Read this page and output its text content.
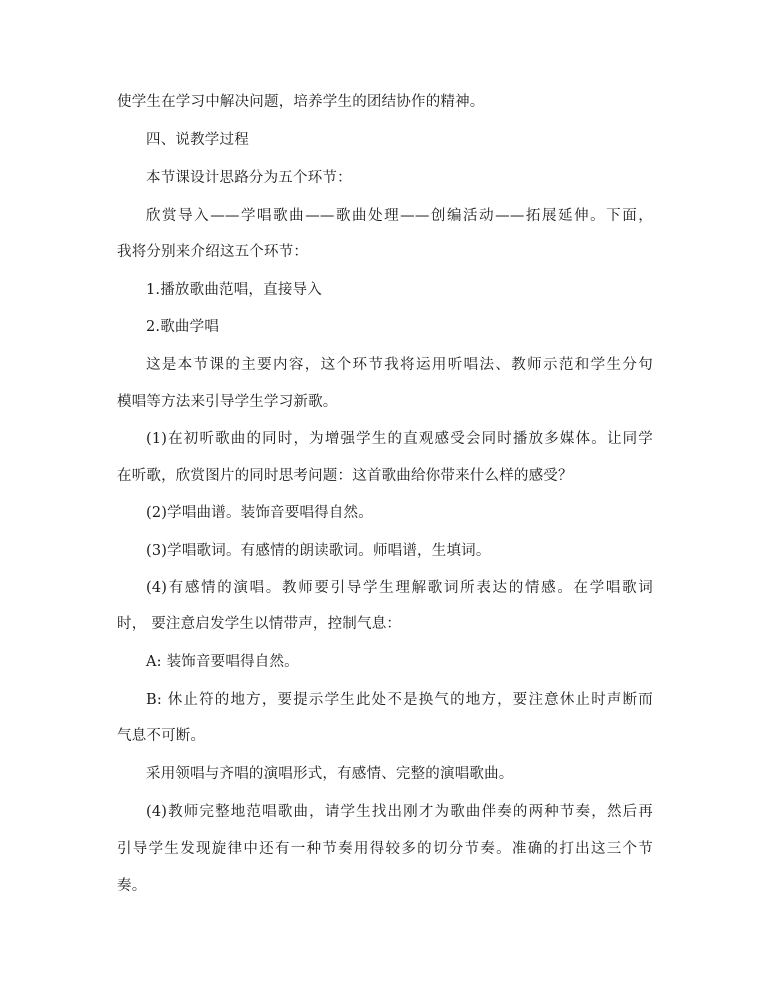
使学生在学习中解决问题，培养学生的团结协作的精神。
四、说教学过程
本节课设计思路分为五个环节：
欣赏导入——学唱歌曲——歌曲处理——创编活动——拓展延伸。下面，
我将分别来介绍这五个环节：
1.播放歌曲范唱，直接导入
2.歌曲学唱
这是本节课的主要内容，这个环节我将运用听唱法、教师示范和学生分句
模唱等方法来引导学生学习新歌。
(1)在初听歌曲的同时，为增强学生的直观感受会同时播放多媒体。让同学
在听歌，欣赏图片的同时思考问题：这首歌曲给你带来什么样的感受？
(2)学唱曲谱。装饰音要唱得自然。
(3)学唱歌词。有感情的朗读歌词。师唱谱，生填词。
(4)有感情的演唱。教师要引导学生理解歌词所表达的情感。在学唱歌词
时， 要注意启发学生以情带声，控制气息：
A: 装饰音要唱得自然。
B: 休止符的地方，要提示学生此处不是换气的地方，要注意休止时声断而
气息不可断。
采用领唱与齐唱的演唱形式，有感情、完整的演唱歌曲。
(4)教师完整地范唱歌曲，请学生找出刚才为歌曲伴奏的两种节奏，然后再
引导学生发现旋律中还有一种节奏用得较多的切分节奏。准确的打出这三个节
奏。
